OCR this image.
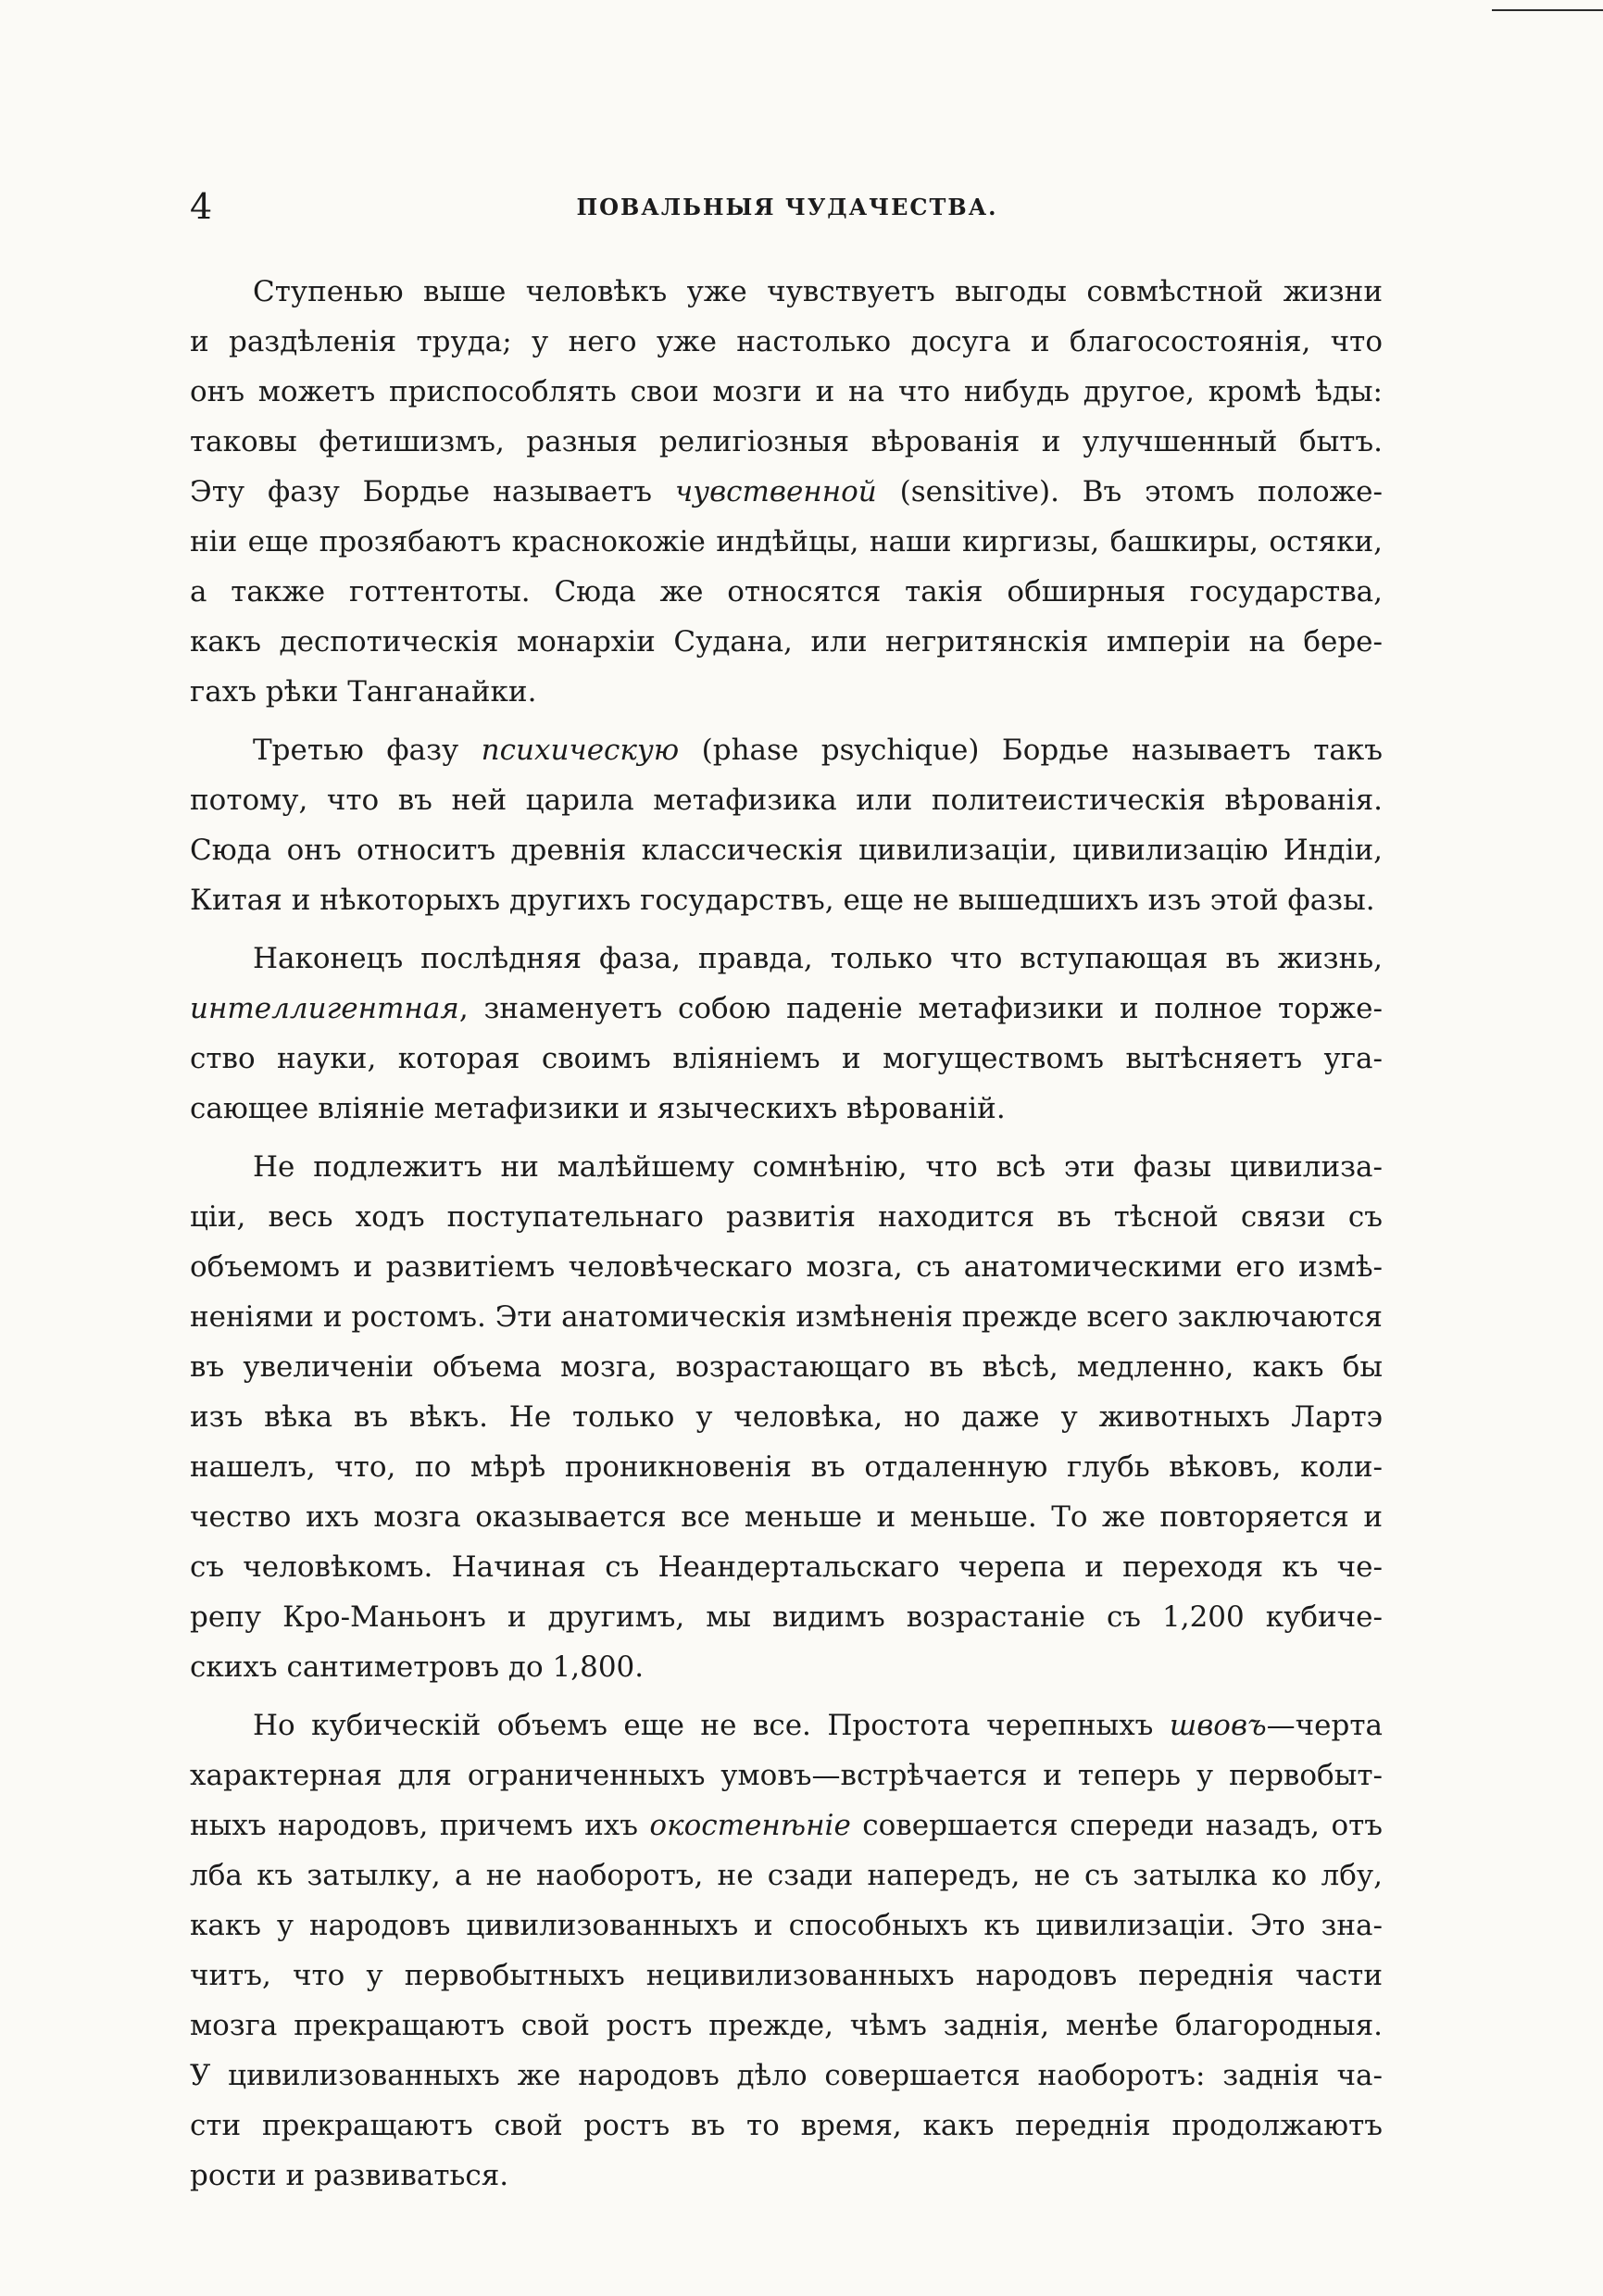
4	ПОВАЛЬНЫЯ ЧУДАЧЕСТВА.
Ступенью выше человѣкъ уже чувствуетъ выгоды совмѣстной жизни
и раздѣленія труда; у него уже настолько досуга и благосостоянія, что
онъ можетъ приспособлять свои мозги и на что нибудь другое, кромѣ ѣды:
таковы фетишизмъ, разныя религіозныя вѣрованія и улучшенный бытъ.
Эту фазу Бордье называетъ чувственной (sensitive). Въ этомъ положе-
ніи еще прозябаютъ краснокожіе индѣйцы, наши киргизы, башкиры, остяки,
а также готтентоты. Сюда же относятся такія обширныя государства,
какъ деспотическія монархіи Судана, или негритянскія имперіи на бере-
гахъ рѣки Танганайки.
Третью фазу психическую (phase psychique) Бордье называетъ такъ
потому, что въ ней царила метафизика или политеистическія вѣрованія.
Сюда онъ относитъ древнія классическія цивилизаціи, цивилизацію Индіи,
Китая и нѣкоторыхъ другихъ государствъ, еще не вышедшихъ изъ этой фазы.
Наконецъ послѣдняя фаза, правда, только что вступающая въ жизнь,
интеллигентная, знаменуетъ собою паденіе метафизики и полное торже-
ство науки, которая своимъ вліяніемъ и могуществомъ вытѣсняетъ уга-
сающее вліяніе метафизики и языческихъ вѣрованій.
Не подлежитъ ни малѣйшему сомнѣнію, что всѣ эти фазы цивилиза-
ціи, весь ходъ поступательнаго развитія находится въ тѣсной связи съ
объемомъ и развитіемъ человѣческаго мозга, съ анатомическими его измѣ-
неніями и ростомъ. Эти анатомическія измѣненія прежде всего заключаются
въ увеличеніи объема мозга, возрастающаго въ вѣсѣ, медленно, какъ бы
изъ вѣка въ вѣкъ. Не только у человѣка, но даже у животныхъ Лартэ
нашелъ, что, по мѣрѣ проникновенія въ отдаленную глубь вѣковъ, коли-
чество ихъ мозга оказывается все меньше и меньше. То же повторяется и
съ человѣкомъ. Начиная съ Неандертальскаго черепа и переходя къ че-
репу Кро-Маньонъ и другимъ, мы видимъ возрастаніе съ 1,200 кубиче-
скихъ сантиметровъ до 1,800.
Но кубическій объемъ еще не все. Простота черепныхъ швовъ—черта
характерная для ограниченныхъ умовъ—встрѣчается и теперь у первобыт-
ныхъ народовъ, причемъ ихъ окостенѣніе совершается спереди назадъ, отъ
лба къ затылку, а не наоборотъ, не сзади напередъ, не съ затылка ко лбу,
какъ у народовъ цивилизованныхъ и способныхъ къ цивилизаціи. Это зна-
читъ, что у первобытныхъ нецивилизованныхъ народовъ переднія части
мозга прекращаютъ свой ростъ прежде, чѣмъ заднія, менѣе благородныя.
У цивилизованныхъ же народовъ дѣло совершается наоборотъ: заднія ча-
сти прекращаютъ свой ростъ въ то время, какъ переднія продолжаютъ
рости и развиваться.
